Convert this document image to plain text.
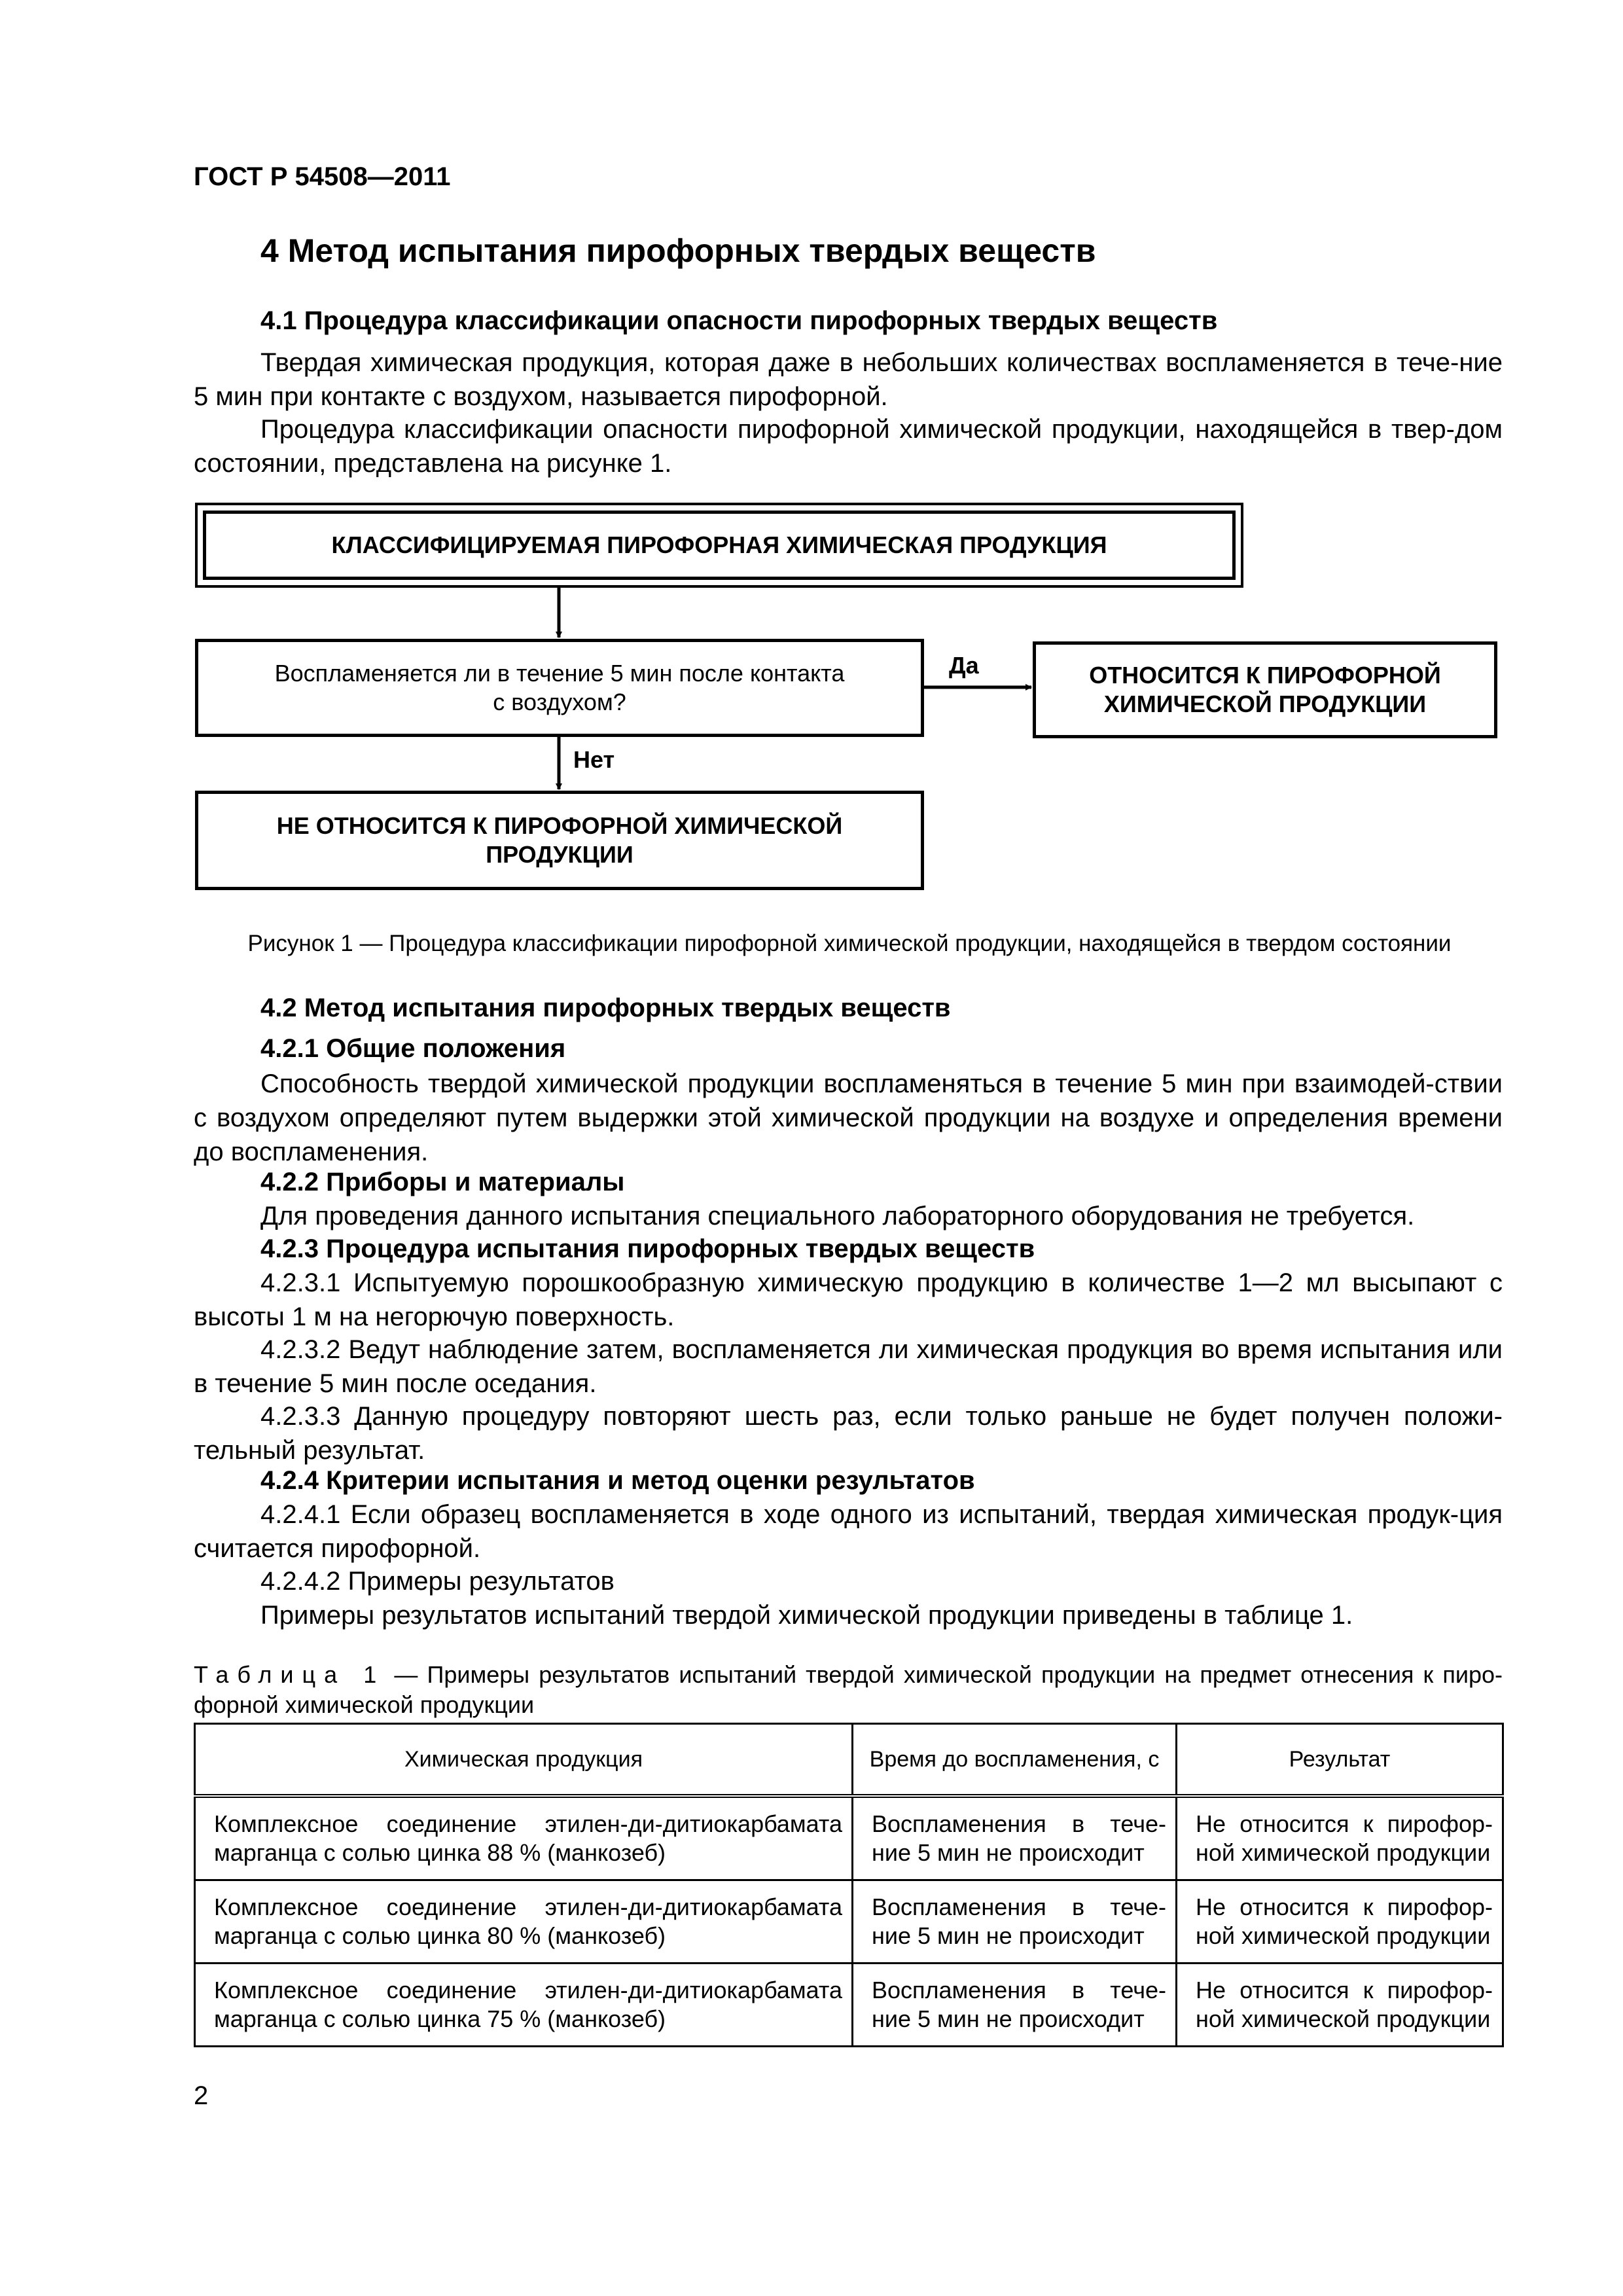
ГОСТ Р 54508—2011
4 Метод испытания пирофорных твердых веществ
4.1 Процедура классификации опасности пирофорных твердых веществ
Твердая химическая продукция, которая даже в небольших количествах воспламеняется в тече-ние 5 мин при контакте с воздухом, называется пирофорной.
Процедура классификации опасности пирофорной химической продукции, находящейся в твер-дом состоянии, представлена на рисунке 1.
КЛАССИФИЦИРУЕМАЯ ПИРОФОРНАЯ ХИМИЧЕСКАЯ ПРОДУКЦИЯ
Воспламеняется ли в течение 5 мин после контакта
с воздухом?
ОТНОСИТСЯ К ПИРОФОРНОЙ
ХИМИЧЕСКОЙ ПРОДУКЦИИ
НЕ ОТНОСИТСЯ К ПИРОФОРНОЙ ХИМИЧЕСКОЙ
ПРОДУКЦИИ
Да
Нет
Рисунок 1 — Процедура классификации пирофорной химической продукции, находящейся в твердом состоянии
4.2 Метод испытания пирофорных твердых веществ
4.2.1 Общие положения
Способность твердой химической продукции воспламеняться в течение 5 мин при взаимодей-ствии с воздухом определяют путем выдержки этой химической продукции на воздухе и определения времени до воспламенения.
4.2.2 Приборы и материалы
Для проведения данного испытания специального лабораторного оборудования не требуется.
4.2.3 Процедура испытания пирофорных твердых веществ
4.2.3.1 Испытуемую порошкообразную химическую продукцию в количестве 1—2 мл высыпают с высоты 1 м на негорючую поверхность.
4.2.3.2 Ведут наблюдение затем, воспламеняется ли химическая продукция во время испытания или в течение 5 мин после оседания.
4.2.3.3 Данную процедуру повторяют шесть раз, если только раньше не будет получен положи-тельный результат.
4.2.4 Критерии испытания и метод оценки результатов
4.2.4.1 Если образец воспламеняется в ходе одного из испытаний, твердая химическая продук-ция считается пирофорной.
4.2.4.2 Примеры результатов
Примеры результатов испытаний твердой химической продукции приведены в таблице 1.
Таблица 1 — Примеры результатов испытаний твердой химической продукции на предмет отнесения к пиро-форной химической продукции
Химическая продукция	Время до воспламенения, с	Результат
Комплексное соединение этилен-ди-дитиокарбамата марганца с солью цинка 88 % (манкозеб)	Воспламенения в тече-ние 5 мин не происходит	Не относится к пирофор-ной химической продукции
Комплексное соединение этилен-ди-дитиокарбамата марганца с солью цинка 80 % (манкозеб)	Воспламенения в тече-ние 5 мин не происходит	Не относится к пирофор-ной химической продукции
Комплексное соединение этилен-ди-дитиокарбамата марганца с солью цинка 75 % (манкозеб)	Воспламенения в тече-ние 5 мин не происходит	Не относится к пирофор-ной химической продукции
2
